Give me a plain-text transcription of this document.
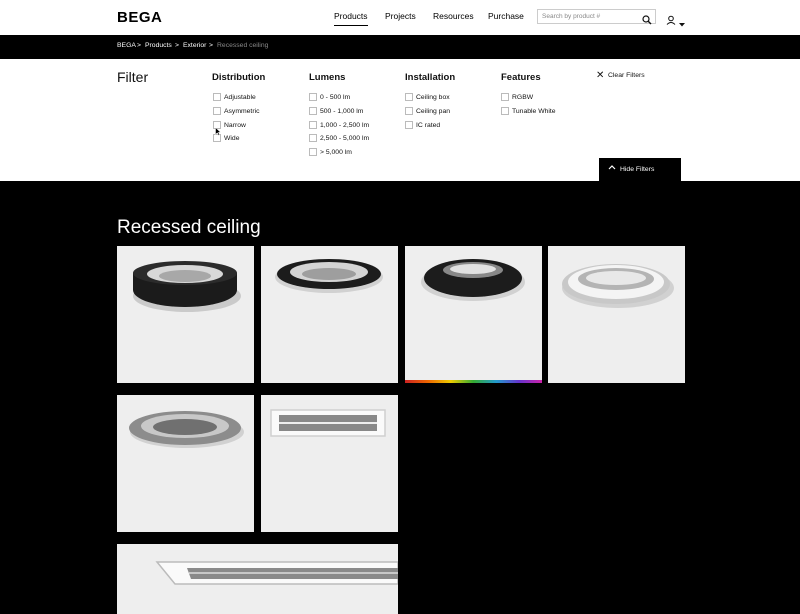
BEGA	Products Projects Resources Purchase
Search by product #
BEGA > Products > Exterior > Recessed ceiling
Filter	Distribution
Adjustable
Asymmetric
Narrow
Wide
Lumens
0 - 500 lm
500 - 1,000 lm
1,000 - 2,500 lm
2,500 - 5,000 lm
> 5,000 lm
Installation
Ceiling box
Ceiling pan
IC rated
Features
RGBW
Tunable White
✕ Clear Filters
Hide Filters
Recessed ceiling
